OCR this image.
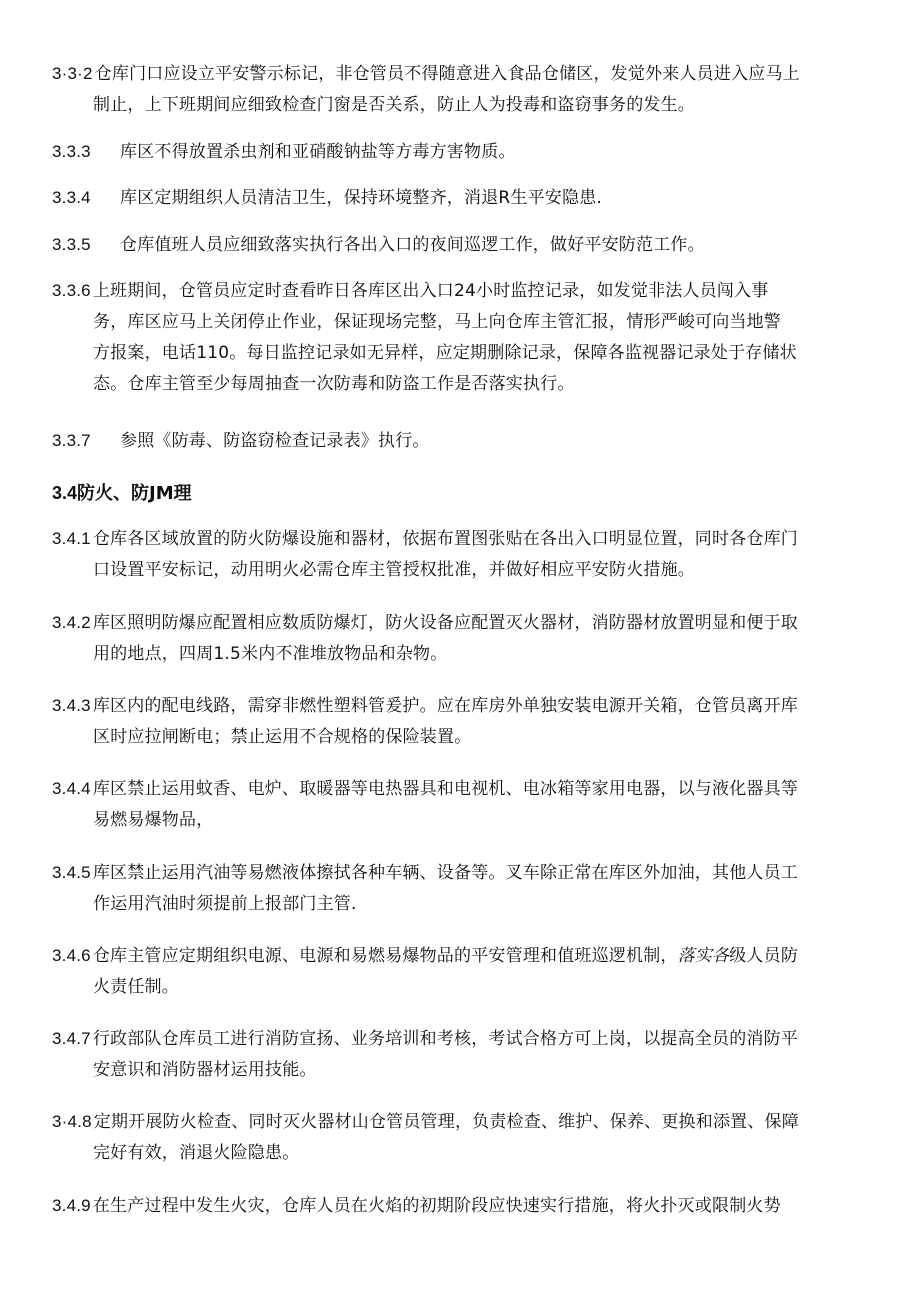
3·3·2 仓库门口应设立平安警示标记，非仓管员不得随意进入食品仓储区，发觉外来人员进入应马上
制止，上下班期间应细致检查门窗是否关系，防止人为投毒和盗窃事务的发生。
3.3.3 库区不得放置杀虫剂和亚硝酸钠盐等方毒方害物质。
3.3.4 库区定期组织人员清洁卫生，保持环境整齐，消退R生平安隐患.
3.3.5 仓库值班人员应细致落实执行各出入口的夜间巡逻工作，做好平安防范工作。
3.3.6 上班期间，仓管员应定时查看昨日各库区出入口24小时监控记录，如发觉非法人员闯入事
务，库区应马上关闭停止作业，保证现场完整，马上向仓库主管汇报，情形严峻可向当地警
方报案，电话110。每日监控记录如无异样，应定期删除记录，保障各监视器记录处于存储状
态。仓库主管至少每周抽查一次防毒和防盗工作是否落实执行。
3.3.7 参照《防毒、防盗窃检查记录表》执行。
3.4防火、防JM理
3.4.1 仓库各区域放置的防火防爆设施和器材，依据布置图张贴在各出入口明显位置，同时各仓库门
口设置平安标记，动用明火必需仓库主管授权批准，并做好相应平安防火措施。
3.4.2 库区照明防爆应配置相应数质防爆灯，防火设备应配置灭火器材，消防器材放置明显和便于取
用的地点，四周1.5米内不准堆放物品和杂物。
3.4.3 库区内的配电线路，需穿非燃性塑料管爰护。应在库房外单独安装电源开关箱，仓管员离开库
区时应拉闸断电；禁止运用不合规格的保险装置。
3.4.4 库区禁止运用蚊香、电炉、取暖器等电热器具和电视机、电冰箱等家用电器，以与液化器具等
易燃易爆物品，
3.4.5 库区禁止运用汽油等易燃液体擦拭各种车辆、设备等。叉车除正常在库区外加油，其他人员工
作运用汽油时须提前上报部门主管.
3.4.6 仓库主管应定期组织电源、电源和易燃易爆物品的平安管理和值班巡逻机制，落实各级人员防
火责任制。
3.4.7 行政部队仓库员工进行消防宣扬、业务培训和考核，考试合格方可上岗，以提高全员的消防平
安意识和消防器材运用技能。
3·4.8 定期开展防火检查、同时灭火器材山仓管员管理，负责检查、维护、保养、更换和添置、保障
完好有效，消退火险隐患。
3.4.9 在生产过程中发生火灾，仓库人员在火焰的初期阶段应快速实行措施，将火扑灭或限制火势
